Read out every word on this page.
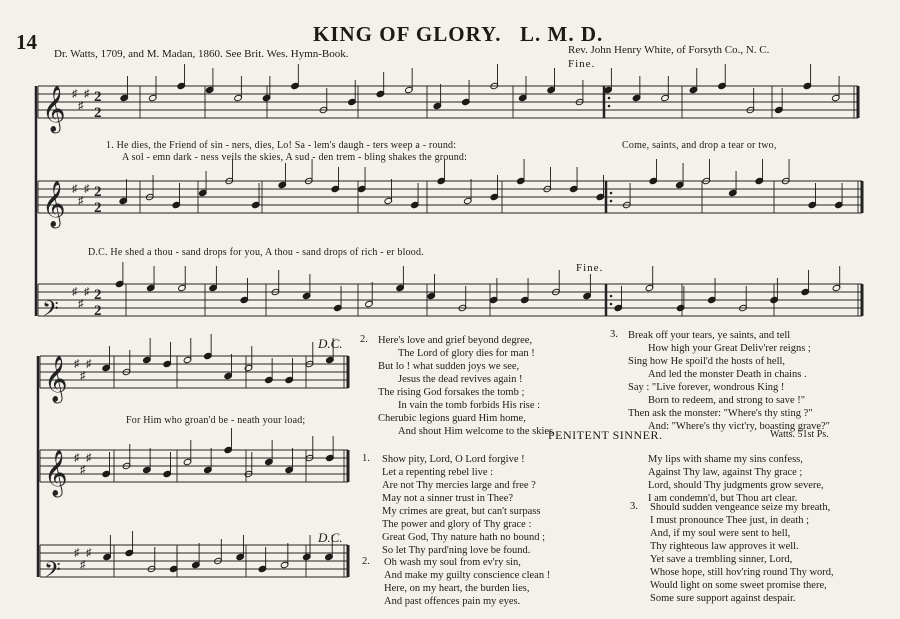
14	KING OF GLORY. L. M. D.
Dr. Watts, 1709, and M. Madan, 1860. See Brit. Wes. Hymn-Book.	Rev. John Henry White, of Forsyth Co., N. C.
𝄞 ♯
♯
♯ 2
2
𝄞 ♯
♯
♯ 2
2
𝄢
♯
♯
♯ 2
2
𝄞 ♯
♯
♯
𝄞 ♯
♯
♯
𝄢
♯
♯
♯
Fine.
Fine.
D.C.
D.C.
1. He dies, the Friend of sin - ners, dies, Lo! Sa - lem's daugh - ters weep a - round:	Come, saints, and drop a tear or two,
A sol - emn dark - ness veils the skies, A sud - den trem - bling shakes the ground:
D.C. He shed a thou - sand drops for you, A thou - sand drops of rich - er blood.
For Him who groan'd be - neath your load;
2. Here's love and grief beyond degree,
The Lord of glory dies for man !
But lo ! what sudden joys we see,
Jesus the dead revives again !
The rising God forsakes the tomb ;
In vain the tomb forbids His rise :
Cherubic legions guard Him home,
And shout Him welcome to the skies
3. Break off your tears, ye saints, and tell
How high your Great Deliv'rer reigns ;
Sing how He spoil'd the hosts of hell,
And led the monster Death in chains .
Say : "Live forever, wondrous King !
Born to redeem, and strong to save !"
Then ask the monster: "Where's thy sting ?"
And: "Where's thy vict'ry, boasting grave?"
PENITENT SINNER.	Watts. 51st Ps.
1. Show pity, Lord, O Lord forgive !
Let a repenting rebel live :
Are not Thy mercies large and free ?
May not a sinner trust in Thee?
My crimes are great, but can't surpass
The power and glory of Thy grace :
Great God, Thy nature hath no bound ;
So let Thy pard'ning love be found.
2. Oh wash my soul from ev'ry sin,
And make my guilty conscience clean !
Here, on my heart, the burden lies,
And past offences pain my eyes.
My lips with shame my sins confess,
Against Thy law, against Thy grace ;
Lord, should Thy judgments grow severe,
I am condemn'd, but Thou art clear.
3. Should sudden vengeance seize my breath,
I must pronounce Thee just, in death ;
And, if my soul were sent to hell,
Thy righteous law approves it well.
Yet save a trembling sinner, Lord,
Whose hope, still hov'ring round Thy word,
Would light on some sweet promise there,
Some sure support against despair.
